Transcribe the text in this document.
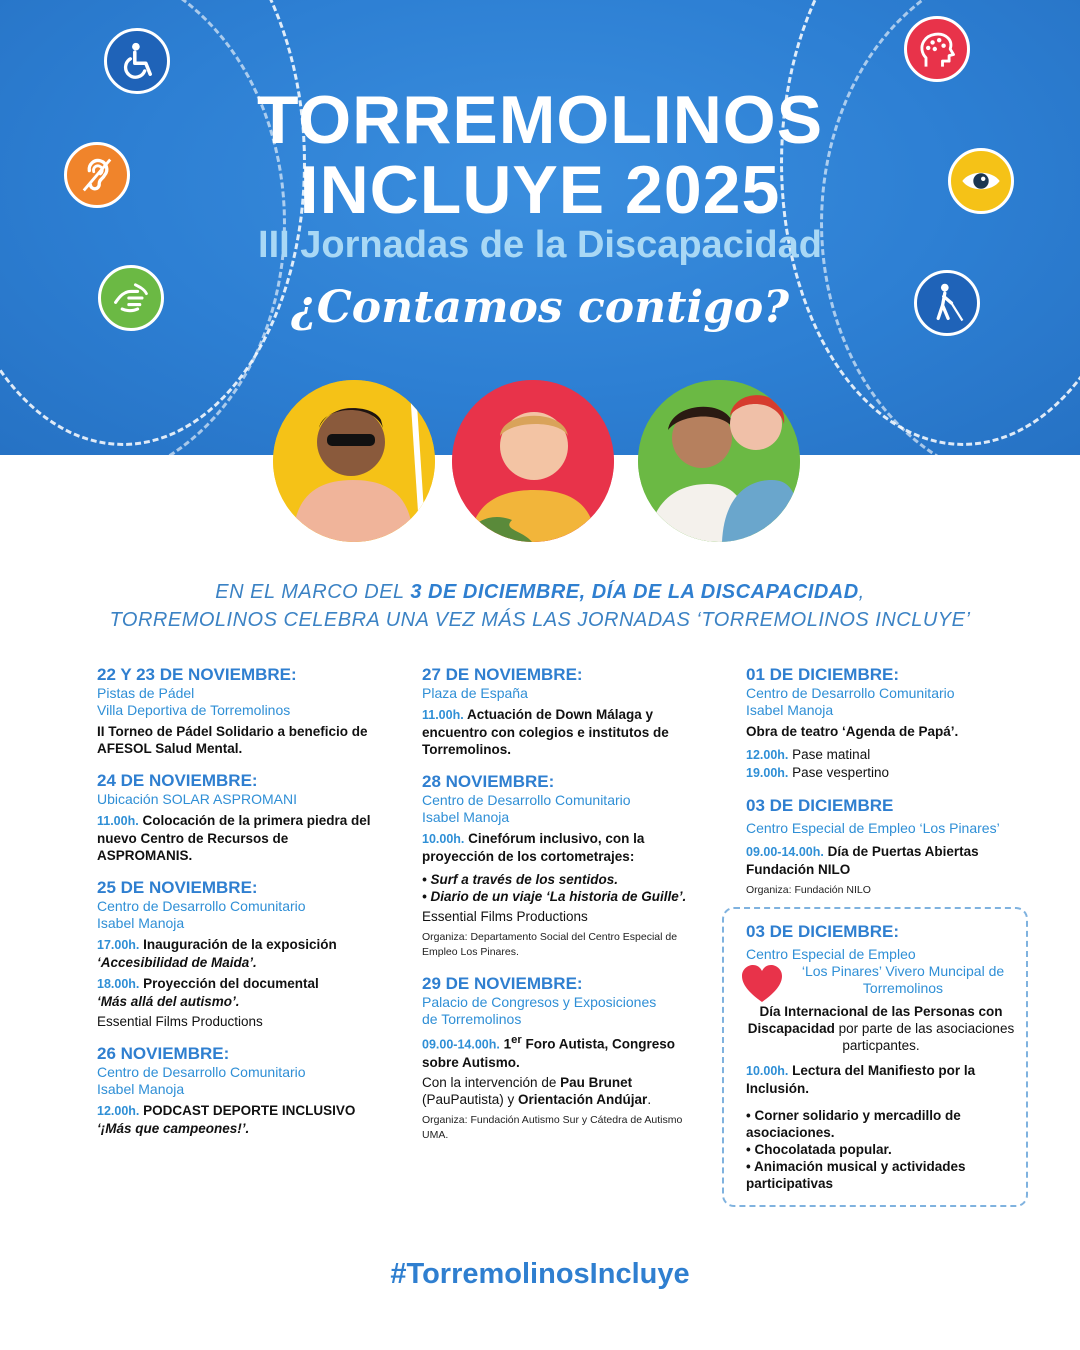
TORREMOLINOS
INCLUYE 2025
III Jornadas de la Discapacidad
¿Contamos contigo?
EN EL MARCO DEL 3 DE DICIEMBRE, DÍA DE LA DISCAPACIDAD,
TORREMOLINOS CELEBRA UNA VEZ MÁS LAS JORNADAS ‘TORREMOLINOS INCLUYE’
22 Y 23 DE NOVIEMBRE:
Pistas de Pádel
Villa Deportiva de Torremolinos
II Torneo de Pádel Solidario a beneficio de AFESOL Salud Mental.
24 DE NOVIEMBRE:
Ubicación SOLAR ASPROMANI
11.00h. Colocación de la primera piedra del nuevo Centro de Recursos de ASPROMANIS.
25 DE NOVIEMBRE:
Centro de Desarrollo Comunitario
Isabel Manoja
17.00h. Inauguración de la exposición
‘Accesibilidad de Maida’.
18.00h. Proyección del documental
‘Más allá del autismo’.
Essential Films Productions
26 NOVIEMBRE:
Centro de Desarrollo Comunitario
Isabel Manoja
12.00h. PODCAST DEPORTE INCLUSIVO
‘¡Más que campeones!’.
27 DE NOVIEMBRE:
Plaza de España
11.00h. Actuación de Down Málaga y encuentro con colegios e institutos de Torremolinos.
28 NOVIEMBRE:
Centro de Desarrollo Comunitario
Isabel Manoja
10.00h. Cinefórum inclusivo, con la proyección de los cortometrajes:
• Surf a través de los sentidos.
• Diario de un viaje ‘La historia de Guille’.
Essential Films Productions
Organiza: Departamento Social del Centro Especial de Empleo Los Pinares.
29 DE NOVIEMBRE:
Palacio de Congresos y Exposiciones
de Torremolinos
09.00-14.00h. 1er Foro Autista, Congreso sobre Autismo.
Con la intervención de Pau Brunet (PauPautista) y Orientación Andújar.
Organiza: Fundación Autismo Sur y Cátedra de Autismo UMA.
01 DE DICIEMBRE:
Centro de Desarrollo Comunitario
Isabel Manoja
Obra de teatro ‘Agenda de Papá’.
12.00h. Pase matinal
19.00h. Pase vespertino
03 DE DICIEMBRE
Centro Especial de Empleo ‘Los Pinares’
09.00-14.00h. Día de Puertas Abiertas Fundación NILO
Organiza: Fundación NILO
03 DE DICIEMBRE:
Centro Especial de Empleo
‘Los Pinares’ Vivero Muncipal de Torremolinos
Día Internacional de las Personas con Discapacidad por parte de las asociaciones particpantes.
10.00h. Lectura del Manifiesto por la Inclusión.
• Corner solidario y mercadillo de asociaciones.
• Chocolatada popular.
• Animación musical y actividades participativas
#TorremolinosIncluye
